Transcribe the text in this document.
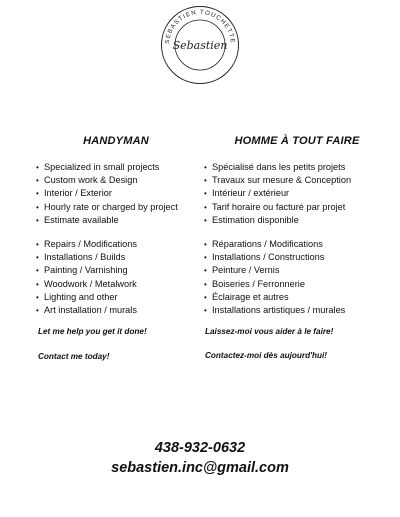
SEBASTIEN TOUCHETTE
Sebastien
HANDYMAN
• Specialized in small projects
• Custom work & Design
• Interior / Exterior
• Hourly rate or charged by project
• Estimate available
• Repairs / Modifications
• Installations / Builds
• Painting / Varnishing
• Woodwork / Metalwork
• Lighting and other
• Art installation / murals
HOMME À TOUT FAIRE
• Spécialisé dans les petits projets
• Travaux sur mesure & Conception
• Intérieur / extérieur
• Tarif horaire ou facturé par projet
• Estimation disponible
• Réparations / Modifications
• Installations / Constructions
• Peinture / Vernis
• Boiseries / Ferronnerie
• Éclairage et autres
• Installations artistiques / murales
Let me help you get it done!	Laissez-moi vous aider à le faire!
Contact me today!	Contactez-moi dès aujourd'hui!
438-932-0632
sebastien.inc@gmail.com
